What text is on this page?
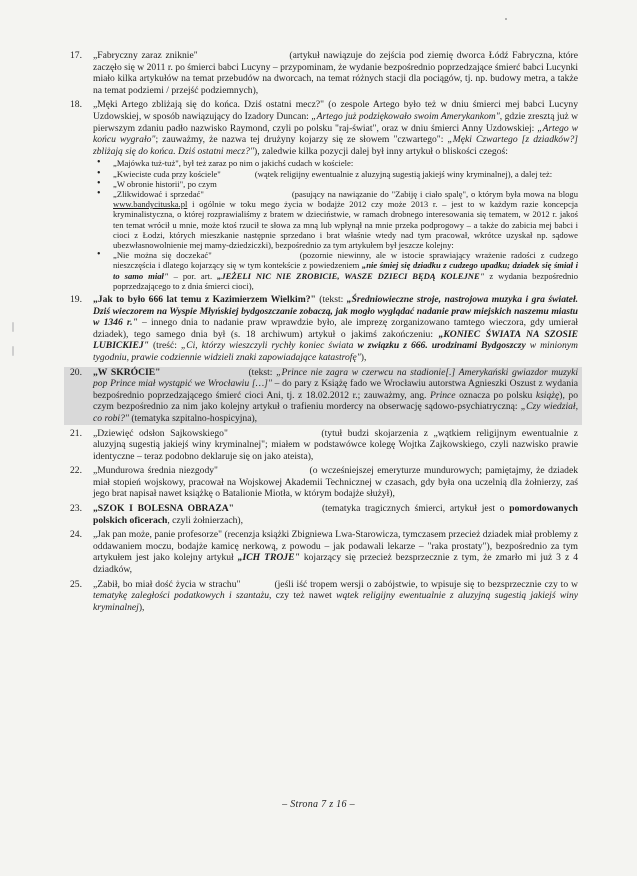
17. „Fabryczny zaraz zniknie"	(artykuł nawiązuje do zejścia pod ziemię dworca Łódź Fabryczna, które zaczęło się w 2011 r. po śmierci babci Lucyny – przypominam, że wydanie bezpośrednio poprzedzające śmierć babci Lucynki miało kilka artykułów na temat przebudów na dworcach, na temat różnych stacji dla pociągów, tj. np. budowy metra, a także na temat podziemi / przejść podziemnych),
18. „Męki Artego zbliżają się do końca. Dziś ostatni mecz?" (o zespole Artego było też w dniu śmierci mej babci Lucyny Uzdowskiej, w sposób nawiązujący do Izadory Duncan: „Artego już podziękowało swoim Amerykankom", gdzie zresztą już w pierwszym zdaniu padło nazwisko Raymond, czyli po polsku "raj-świat", oraz w dniu śmierci Anny Uzdowskiej: „Artego w końcu wygrało"; zauważmy, że nazwa tej drużyny kojarzy się ze słowem "czwartego": „Męki Czwartego [z dziadków?] zbliżają się do końca. Dziś ostatni mecz?"), zaledwie kilka pozycji dalej był inny artykuł o bliskości czegoś:
• „Majówka tuż-tuż", był też zaraz po nim o jakichś cudach w kościele:
• „Kwieciste cuda przy kościele"	(wątek religijny ewentualnie z aluzyjną sugestią jakiejś winy kryminalnej), a dalej też:
• „W obronie historii", po czym
• „Zlikwidować i sprzedać"	(pasujący na nawiązanie do "Zabiję i ciało spalę", o którym była mowa na blogu www.bandycituska.pl i ogólnie w toku mego życia w bodajże 2012 czy może 2013 r. – jest to w każdym razie koncepcja kryminalistyczna, o której rozprawialiśmy z bratem w dzieciństwie, w ramach drobnego interesowania się tematem, w 2012 r. jakoś ten temat wrócił u mnie, może ktoś rzucił te słowa za mną lub wpłynął na mnie przeka podprogowy – a także do zabicia mej babci i cioci z Łodzi, których mieszkanie następnie sprzedano i brat właśnie wtedy nad tym pracował, wkrótce uzyskał np. sądowe ubezwłasnowolnienie mej mamy-dziedziczki), bezpośrednio za tym artykułem był jeszcze kolejny:
• „Nie można się doczekać"	(pozornie niewinny, ale w istocie sprawiający wrażenie radości z cudzego nieszczęścia i dlatego kojarzący się w tym kontekście z powiedzeniem „nie śmiej się dziadku z cudzego upadku; dziadek się śmiał i to samo miał" – por. art. „JEŻELI NIC NIE ZROBICIE, WASZE DZIECI BĘDĄ KOLEJNE" z wydania bezpośrednio poprzedzającego to z dnia śmierci cioci),
19. „Jak to było 666 lat temu z Kazimierzem Wielkim?" (tekst: „Średniowieczne stroje, nastrojowa muzyka i gra świateł. Dziś wieczorem na Wyspie Młyńskiej bydgoszczanie zobaczą, jak mogło wyglądać nadanie praw miejskich naszemu miastu w 1346 r." – innego dnia to nadanie praw wprawdzie było, ale imprezę zorganizowano tamtego wieczora, gdy umierał dziadek), tego samego dnia był (s. 18 archiwum) artykuł o jakimś zakończeniu: „KONIEC ŚWIATA NA SZOSIE LUBICKIEJ" (treść: „Ci, którzy wieszczyli rychły koniec świata w związku z 666. urodzinami Bydgoszczy w minionym tygodniu, prawie codziennie widzieli znaki zapowiadające katastrofę"),
20. „W SKRÓCIE"	(tekst: „Prince nie zagra w czerwcu na stadionie[.] Amerykański gwiazdor muzyki pop Prince miał wystąpić we Wrocławiu […]" – do pary z Książę fado we Wrocławiu autorstwa Agnieszki Oszust z wydania bezpośrednio poprzedzającego śmierć cioci Ani, tj. z 18.02.2012 r.; zauważmy, ang. Prince oznacza po polsku książę), po czym bezpośrednio za nim jako kolejny artykuł o trafieniu mordercy na obserwację sądowo-psychiatryczną: „Czy wiedział, co robi?" (tematyka szpitalno-hospicyjna),
21. „Dziewięć odsłon Sajkowskiego"	(tytuł budzi skojarzenia z „wątkiem religijnym ewentualnie z aluzyjną sugestią jakiejś winy kryminalnej"; miałem w podstawówce kolegę Wojtka Zajkowskiego, czyli nazwisko prawie identyczne – teraz podobno deklaruje się on jako ateista),
22. „Mundurowa średnia niezgody"	(o wcześniejszej emeryturze mundurowych; pamiętajmy, że dziadek miał stopień wojskowy, pracował na Wojskowej Akademii Technicznej w czasach, gdy była ona uczelnią dla żołnierzy, zaś jego brat napisał nawet książkę o Batalionie Miotła, w którym bodajże służył),
23. „SZOK I BOLESNA OBRAZA"	(tematyka tragicznych śmierci, artykuł jest o pomordowanych polskich oficerach, czyli żołnierzach),
24. „Jak pan może, panie profesorze" (recenzja książki Zbigniewa Lwa-Starowicza, tymczasem przecież dziadek miał problemy z oddawaniem moczu, bodajże kamicę nerkową, z powodu – jak podawali lekarze – "raka prostaty"), bezpośrednio za tym artykułem jest jako kolejny artykuł „ICH TROJE" kojarzący się przecież bezsprzecznie z tym, że zmarło mi już 3 z 4 dziadków,
25. „Zabił, bo miał dość życia w strachu"	(jeśli iść tropem wersji o zabójstwie, to wpisuje się to bezsprzecznie czy to w tematykę zaległości podatkowych i szantażu, czy też nawet wątek religijny ewentualnie z aluzyjną sugestią jakiejś winy kryminalnej),
– Strona 7 z 16 –
